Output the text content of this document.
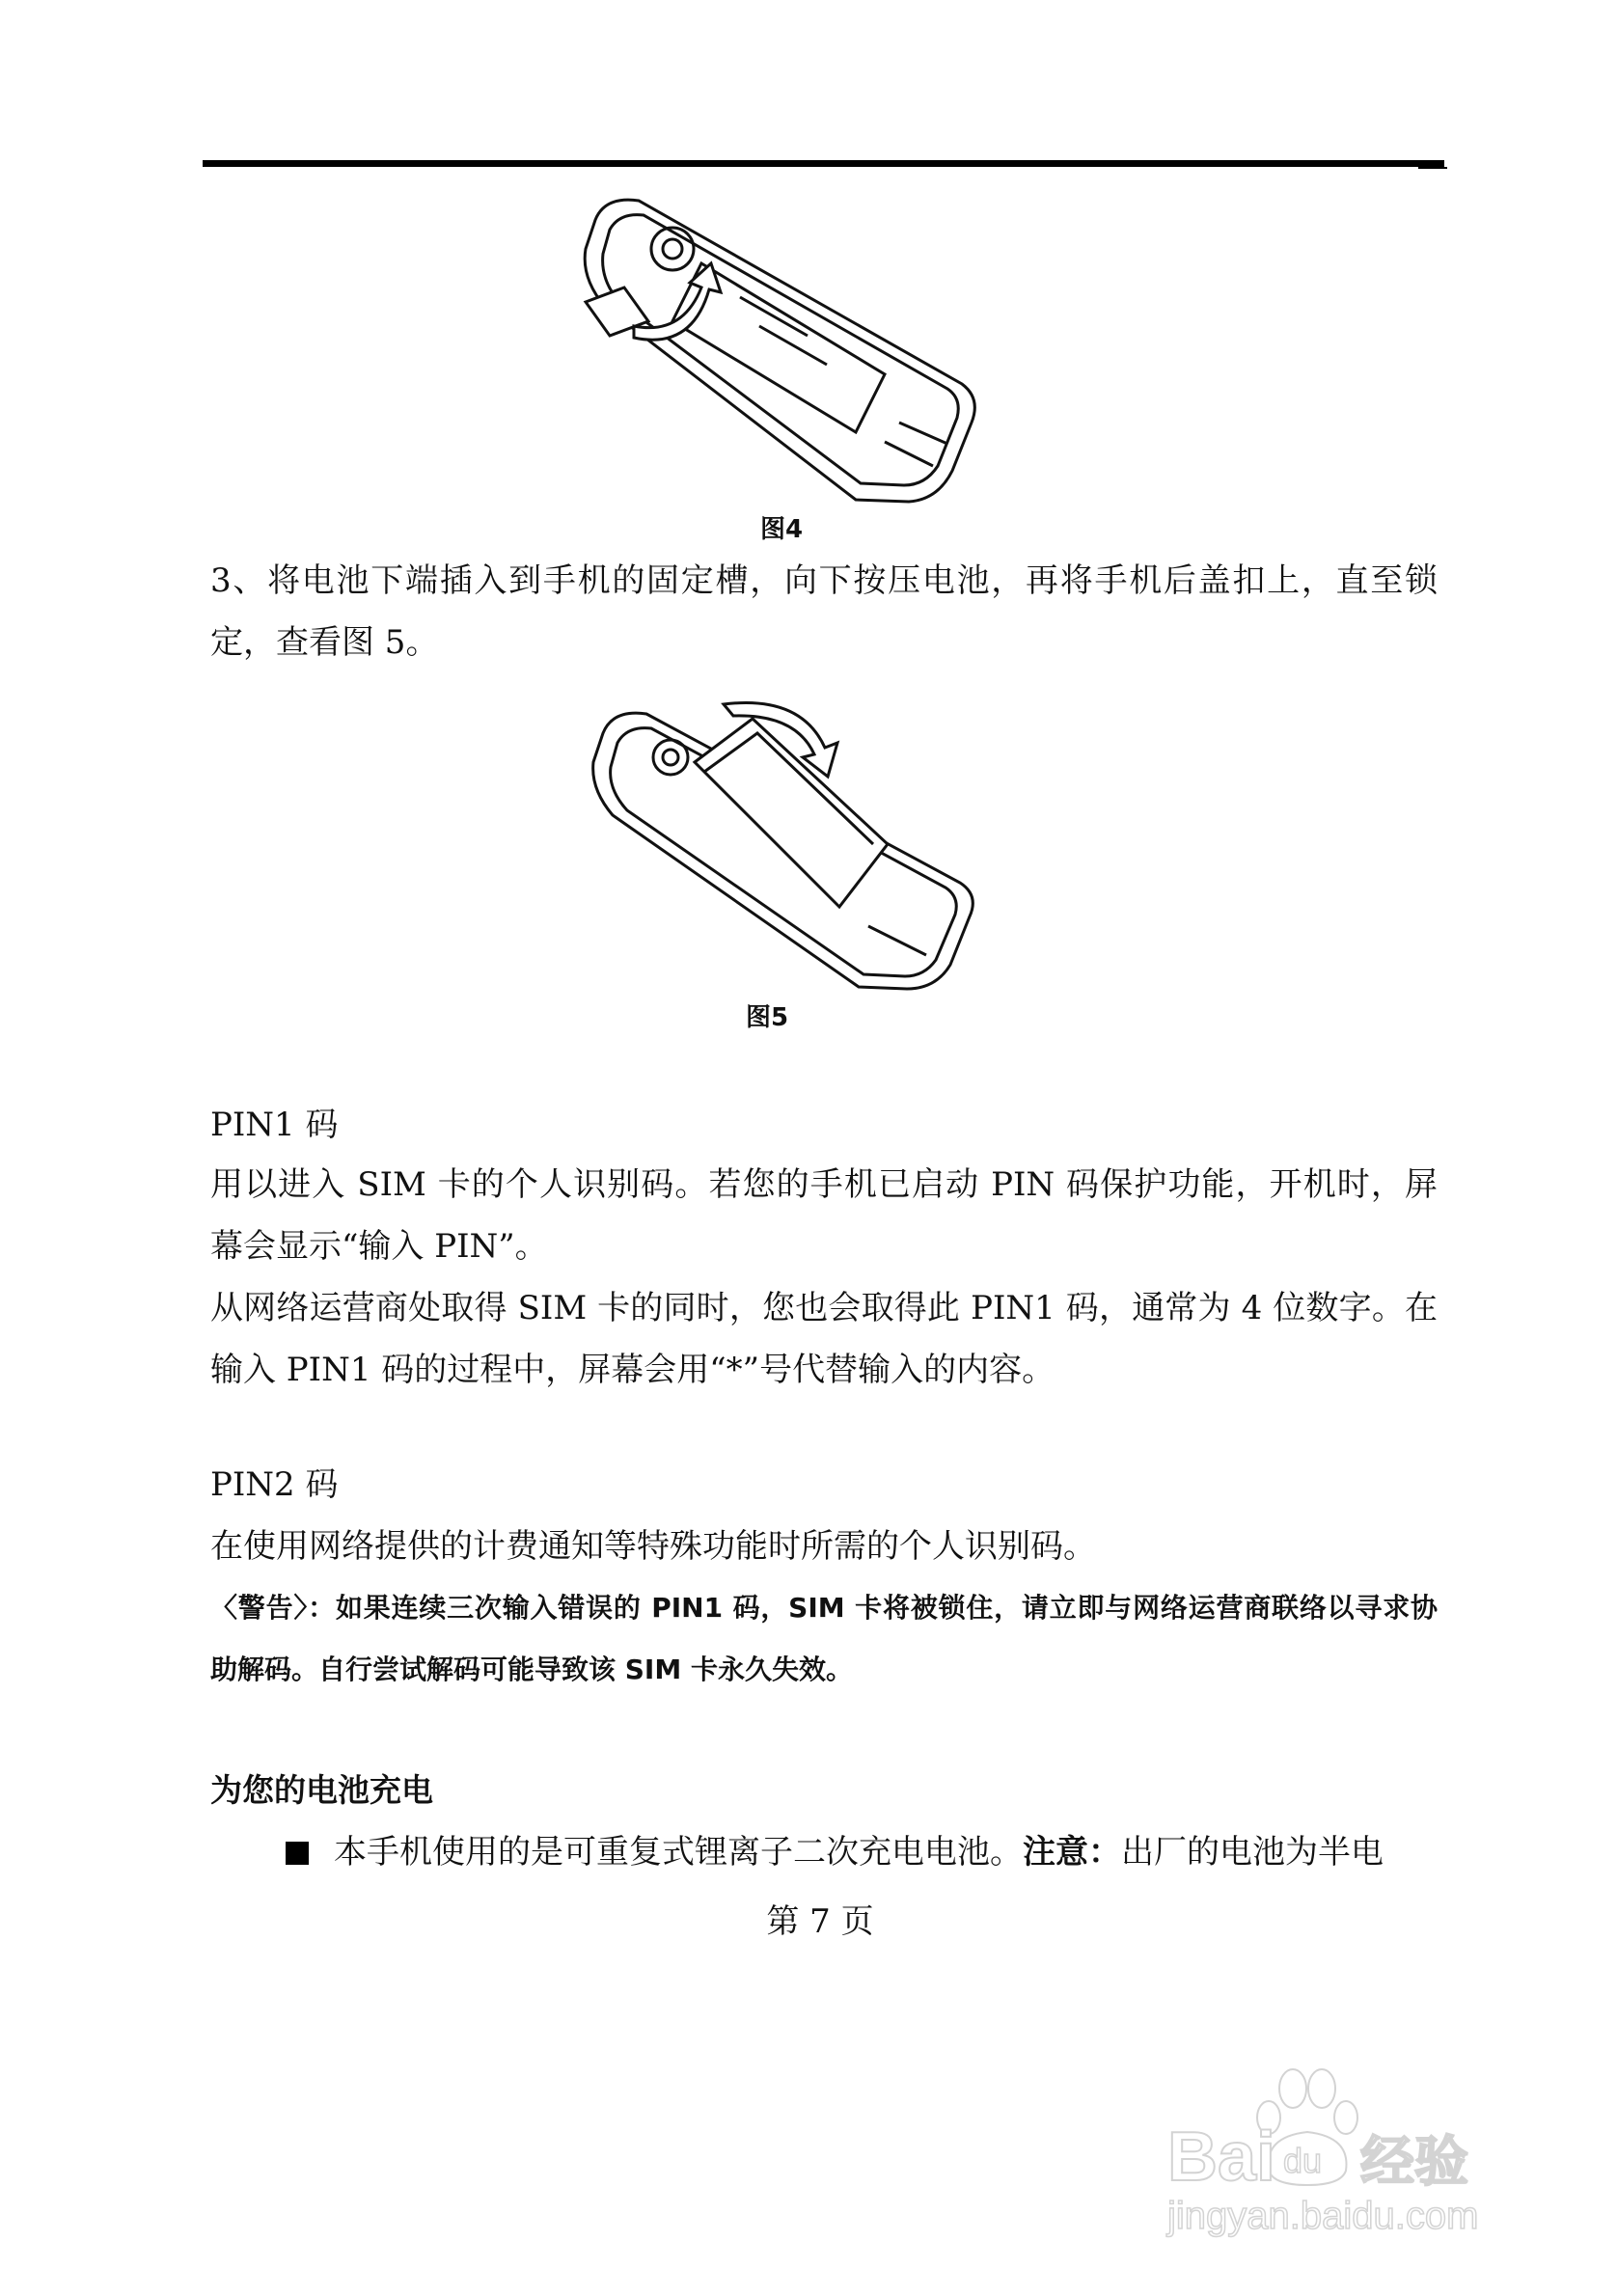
图4
3、将电池下端插入到手机的固定槽，向下按压电池，再将手机后盖扣上，直至锁
定，查看图 5。
图5
PIN1 码
用以进入 SIM 卡的个人识别码。若您的手机已启动 PIN 码保护功能，开机时，屏
幕会显示“输入 PIN”。
从网络运营商处取得 SIM 卡的同时，您也会取得此 PIN1 码，通常为 4 位数字。在
输入 PIN1 码的过程中，屏幕会用“*”号代替输入的内容。
PIN2 码
在使用网络提供的计费通知等特殊功能时所需的个人识别码。
〈警告〉：如果连续三次输入错误的 PIN1 码，SIM 卡将被锁住，请立即与网络运营商联络以寻求协
助解码。自行尝试解码可能导致该 SIM 卡永久失效。
为您的电池充电
本手机使用的是可重复式锂离子二次充电电池。注意：出厂的电池为半电
第 7 页
Bai du 经验
jingyan.baidu.com
